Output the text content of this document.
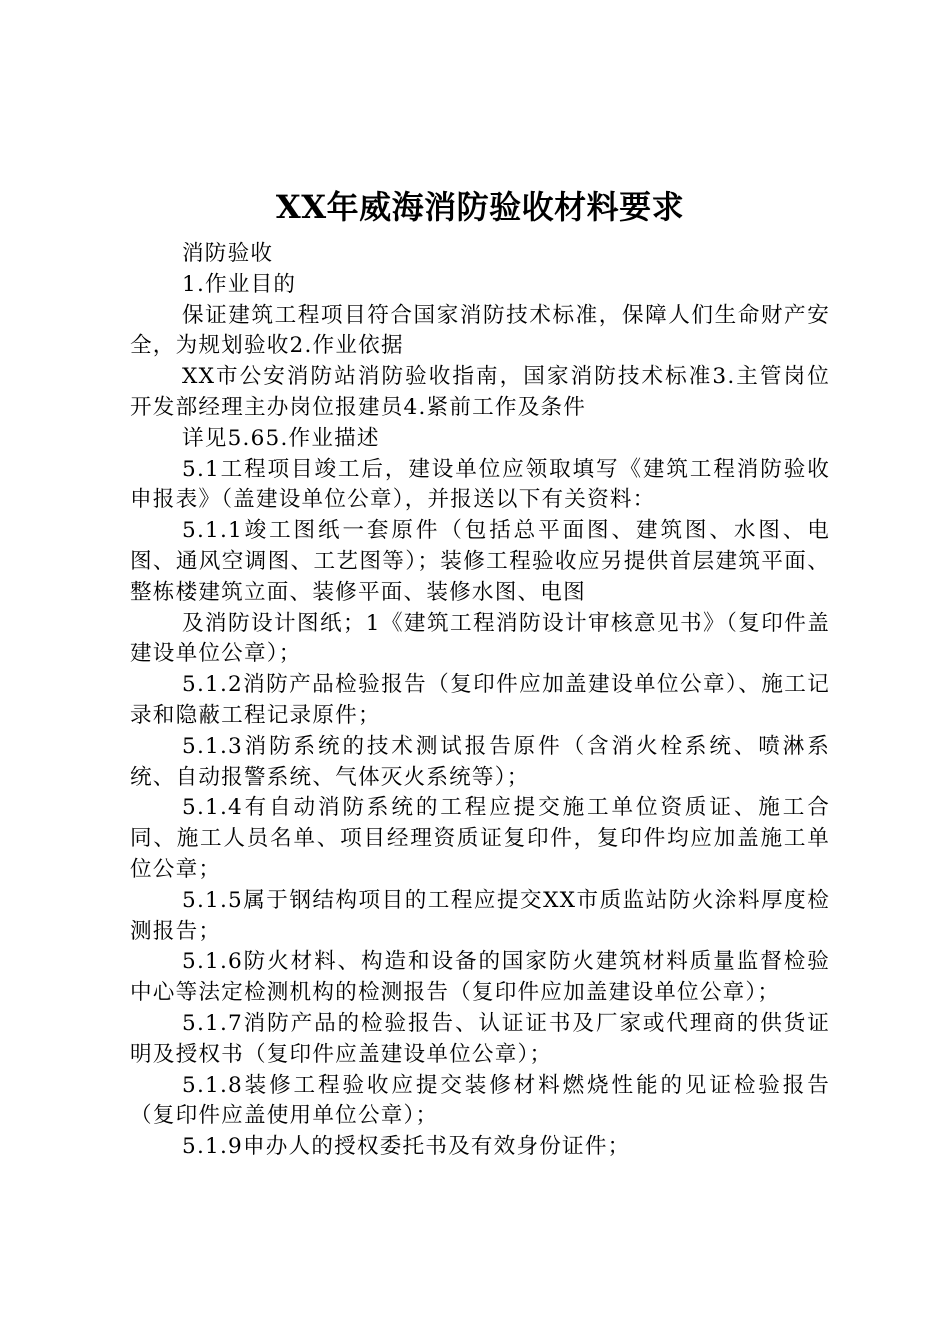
XX年威海消防验收材料要求

消防验收

1.作业目的

保证建筑工程项目符合国家消防技术标准，保障人们生命财产安全，为规划验收2.作业依据

XX市公安消防站消防验收指南，国家消防技术标准3.主管岗位开发部经理主办岗位报建员4.紧前工作及条件

详见5.65.作业描述

5.1工程项目竣工后，建设单位应领取填写《建筑工程消防验收申报表》（盖建设单位公章），并报送以下有关资料：

5.1.1竣工图纸一套原件（包括总平面图、建筑图、水图、电图、通风空调图、工艺图等）；装修工程验收应另提供首层建筑平面、整栋楼建筑立面、装修平面、装修水图、电图

及消防设计图纸；1《建筑工程消防设计审核意见书》（复印件盖建设单位公章）；

5.1.2消防产品检验报告（复印件应加盖建设单位公章）、施工记录和隐蔽工程记录原件；

5.1.3消防系统的技术测试报告原件（含消火栓系统、喷淋系统、自动报警系统、气体灭火系统等）；

5.1.4有自动消防系统的工程应提交施工单位资质证、施工合同、施工人员名单、项目经理资质证复印件，复印件均应加盖施工单位公章；

5.1.5属于钢结构项目的工程应提交XX市质监站防火涂料厚度检测报告；

5.1.6防火材料、构造和设备的国家防火建筑材料质量监督检验中心等法定检测机构的检测报告（复印件应加盖建设单位公章）；

5.1.7消防产品的检验报告、认证证书及厂家或代理商的供货证明及授权书（复印件应盖建设单位公章）；

5.1.8装修工程验收应提交装修材料燃烧性能的见证检验报告（复印件应盖使用单位公章）；

5.1.9申办人的授权委托书及有效身份证件；
